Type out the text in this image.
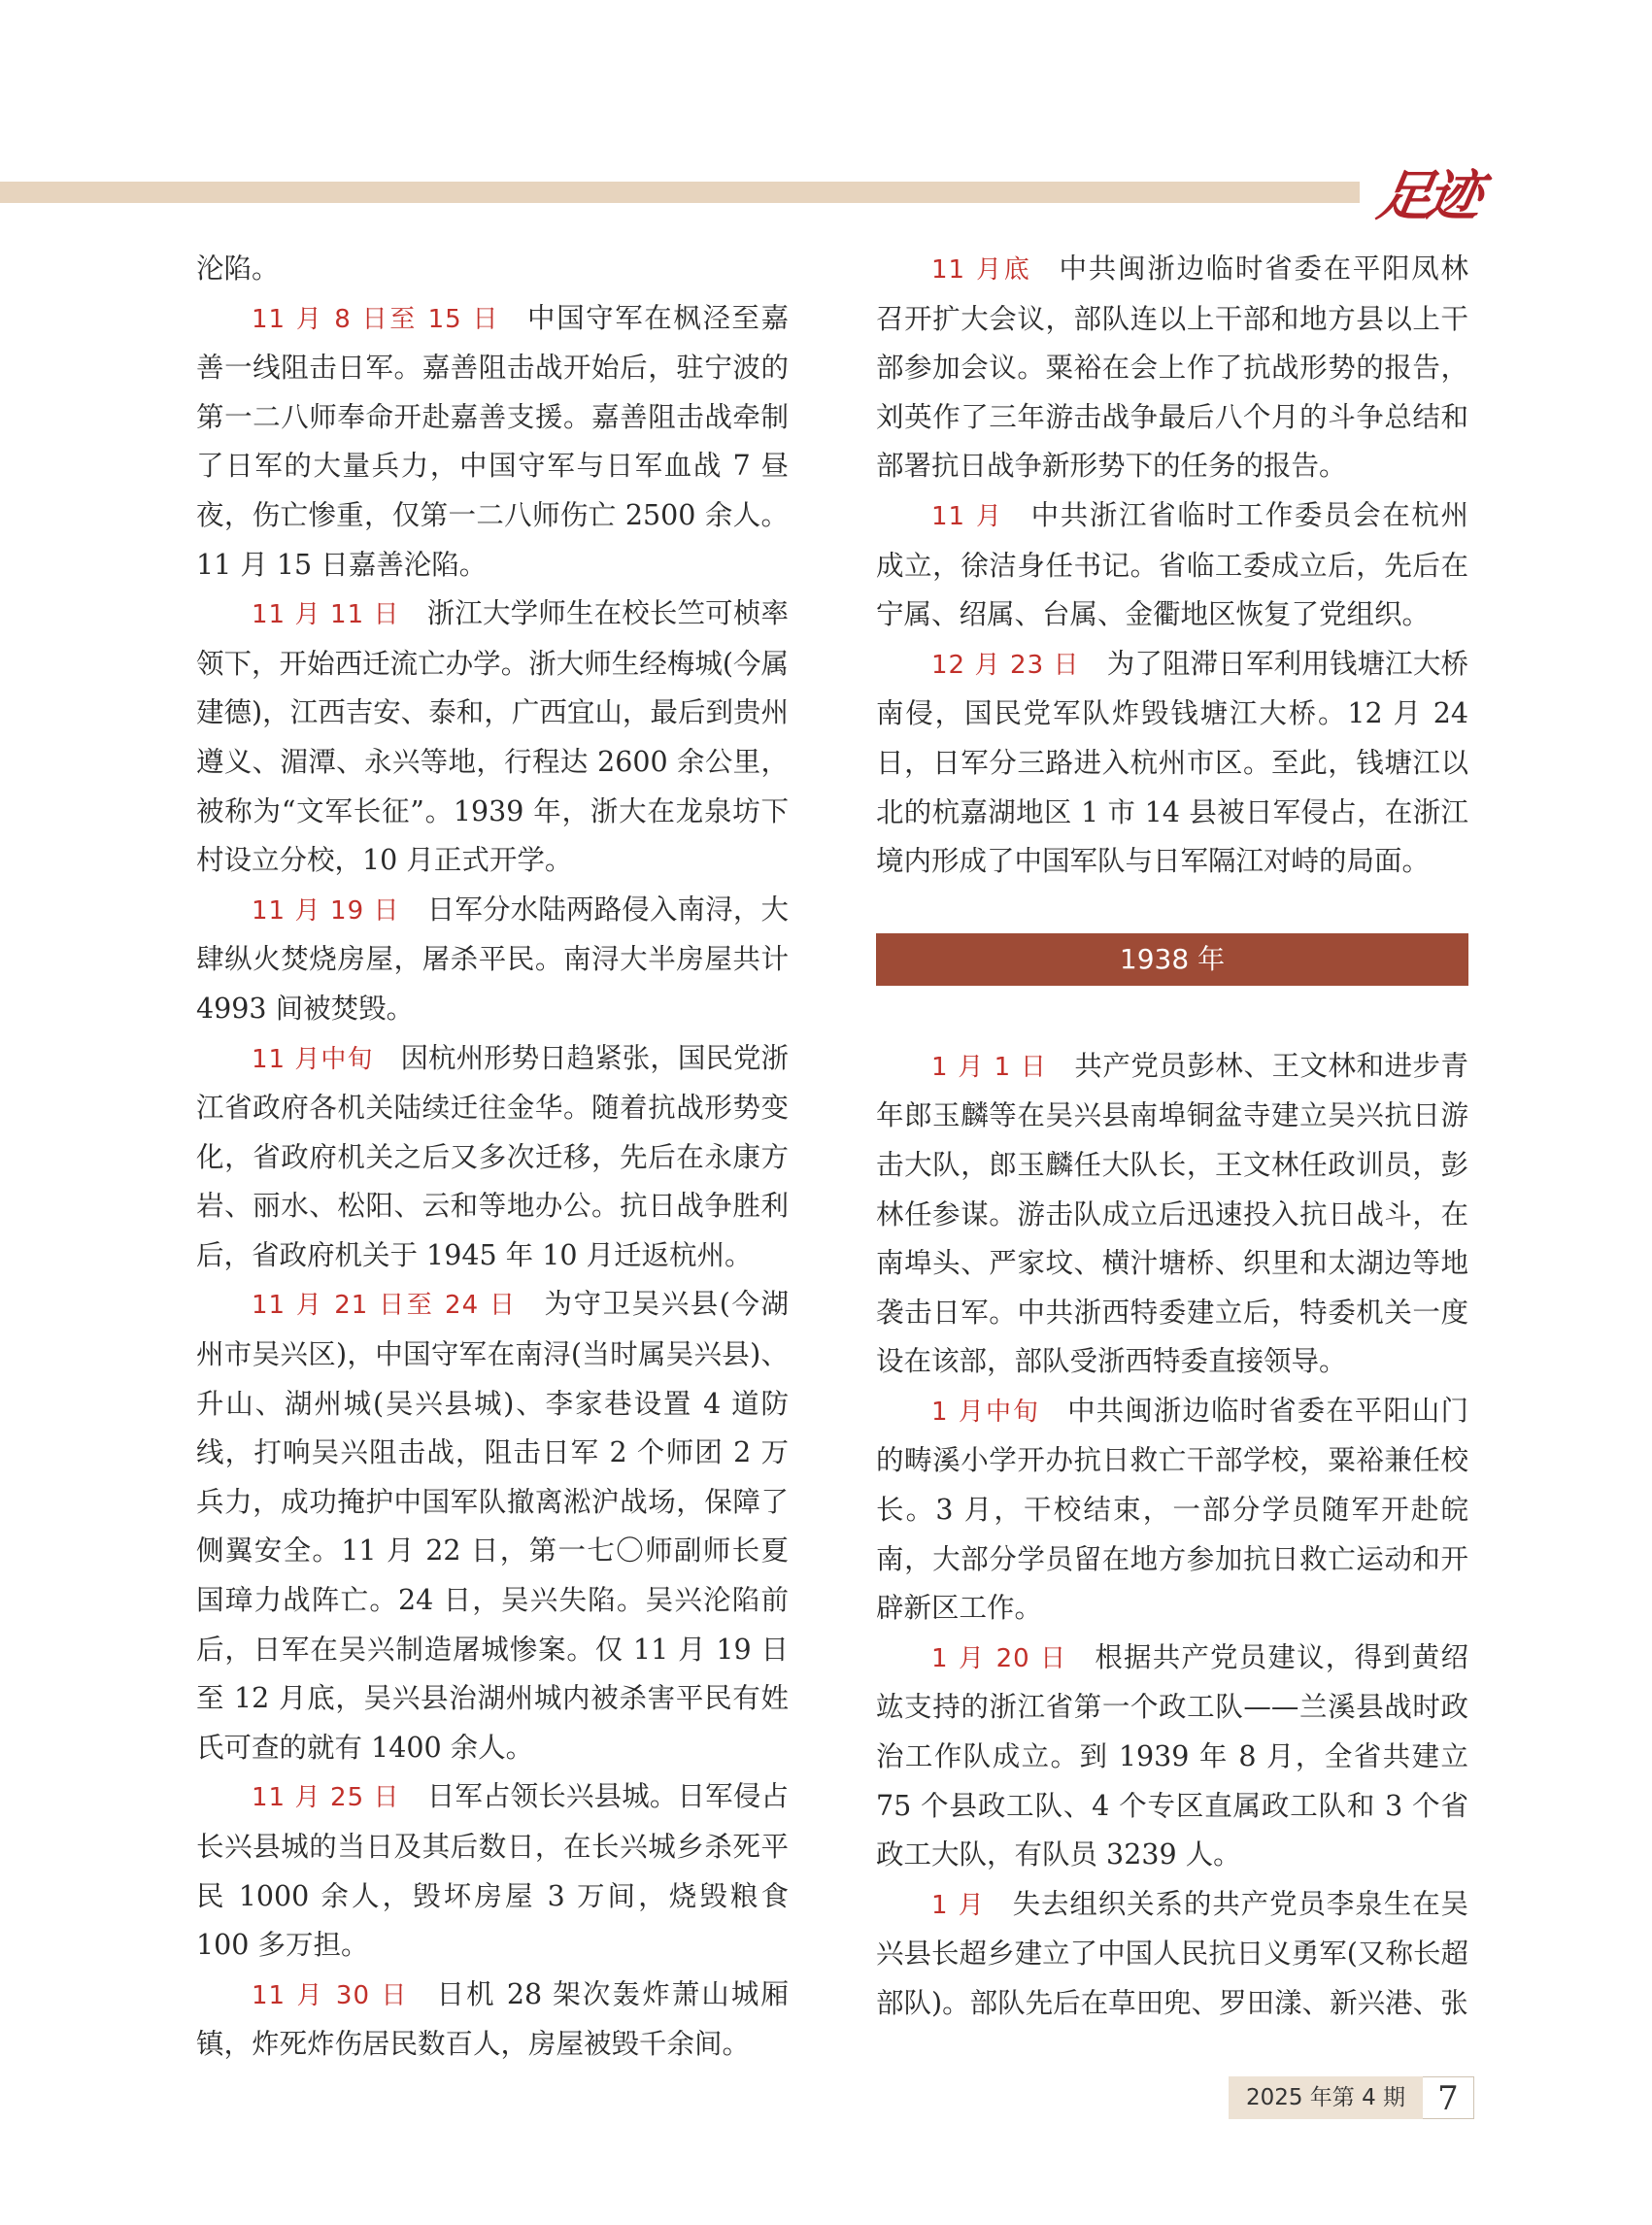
足迹

沦陷。

11 月 8 日至 15 日 中国守军在枫泾至嘉善一线阻击日军。嘉善阻击战开始后，驻宁波的第一二八师奉命开赴嘉善支援。嘉善阻击战牵制了日军的大量兵力，中国守军与日军血战 7 昼夜，伤亡惨重，仅第一二八师伤亡 2500 余人。11 月 15 日嘉善沦陷。

11 月 11 日 浙江大学师生在校长竺可桢率领下，开始西迁流亡办学。浙大师生经梅城(今属建德)，江西吉安、泰和，广西宜山，最后到贵州遵义、湄潭、永兴等地，行程达 2600 余公里，被称为“文军长征”。1939 年，浙大在龙泉坊下村设立分校，10 月正式开学。

11 月 19 日 日军分水陆两路侵入南浔，大肆纵火焚烧房屋，屠杀平民。南浔大半房屋共计 4993 间被焚毁。

11 月中旬 因杭州形势日趋紧张，国民党浙江省政府各机关陆续迁往金华。随着抗战形势变化，省政府机关之后又多次迁移，先后在永康方岩、丽水、松阳、云和等地办公。抗日战争胜利后，省政府机关于 1945 年 10 月迁返杭州。

11 月 21 日至 24 日 为守卫吴兴县(今湖州市吴兴区)，中国守军在南浔(当时属吴兴县)、升山、湖州城(吴兴县城)、李家巷设置 4 道防线，打响吴兴阻击战，阻击日军 2 个师团 2 万兵力，成功掩护中国军队撤离淞沪战场，保障了侧翼安全。11 月 22 日，第一七〇师副师长夏国璋力战阵亡。24 日，吴兴失陷。吴兴沦陷前后，日军在吴兴制造屠城惨案。仅 11 月 19 日至 12 月底，吴兴县治湖州城内被杀害平民有姓氏可查的就有 1400 余人。

11 月 25 日 日军占领长兴县城。日军侵占长兴县城的当日及其后数日，在长兴城乡杀死平民 1000 余人，毁坏房屋 3 万间，烧毁粮食 100 多万担。

11 月 30 日 日机 28 架次轰炸萧山城厢镇，炸死炸伤居民数百人，房屋被毁千余间。

11 月底 中共闽浙边临时省委在平阳凤林召开扩大会议，部队连以上干部和地方县以上干部参加会议。粟裕在会上作了抗战形势的报告，刘英作了三年游击战争最后八个月的斗争总结和部署抗日战争新形势下的任务的报告。

11 月 中共浙江省临时工作委员会在杭州成立，徐洁身任书记。省临工委成立后，先后在宁属、绍属、台属、金衢地区恢复了党组织。

12 月 23 日 为了阻滞日军利用钱塘江大桥南侵，国民党军队炸毁钱塘江大桥。12 月 24 日，日军分三路进入杭州市区。至此，钱塘江以北的杭嘉湖地区 1 市 14 县被日军侵占，在浙江境内形成了中国军队与日军隔江对峙的局面。

1938 年

1 月 1 日 共产党员彭林、王文林和进步青年郎玉麟等在吴兴县南埠铜盆寺建立吴兴抗日游击大队，郎玉麟任大队长，王文林任政训员，彭林任参谋。游击队成立后迅速投入抗日战斗，在南埠头、严家坟、横汁塘桥、织里和太湖边等地袭击日军。中共浙西特委建立后，特委机关一度设在该部，部队受浙西特委直接领导。

1 月中旬 中共闽浙边临时省委在平阳山门的畴溪小学开办抗日救亡干部学校，粟裕兼任校长。3 月，干校结束，一部分学员随军开赴皖南，大部分学员留在地方参加抗日救亡运动和开辟新区工作。

1 月 20 日 根据共产党员建议，得到黄绍竑支持的浙江省第一个政工队——兰溪县战时政治工作队成立。到 1939 年 8 月，全省共建立 75 个县政工队、4 个专区直属政工队和 3 个省政工大队，有队员 3239 人。

1 月 失去组织关系的共产党员李泉生在吴兴县长超乡建立了中国人民抗日义勇军(又称长超部队)。部队先后在草田兜、罗田漾、新兴港、张

2025 年第 4 期 7
